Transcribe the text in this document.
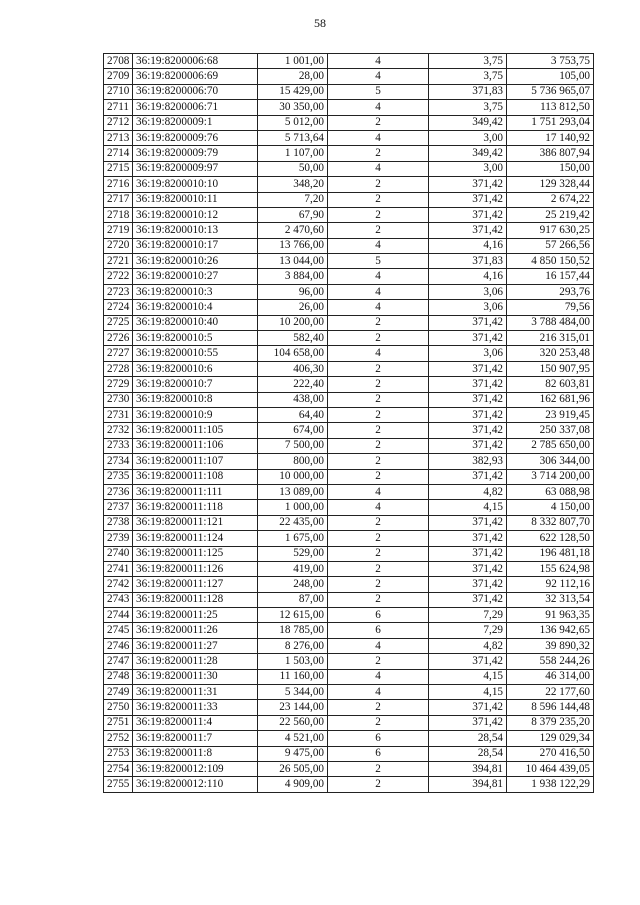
58
2708	36:19:8200006:68	1 001,00	4	3,75	3 753,75
2709	36:19:8200006:69	28,00	4	3,75	105,00
2710	36:19:8200006:70	15 429,00	5	371,83	5 736 965,07
2711	36:19:8200006:71	30 350,00	4	3,75	113 812,50
2712	36:19:8200009:1	5 012,00	2	349,42	1 751 293,04
2713	36:19:8200009:76	5 713,64	4	3,00	17 140,92
2714	36:19:8200009:79	1 107,00	2	349,42	386 807,94
2715	36:19:8200009:97	50,00	4	3,00	150,00
2716	36:19:8200010:10	348,20	2	371,42	129 328,44
2717	36:19:8200010:11	7,20	2	371,42	2 674,22
2718	36:19:8200010:12	67,90	2	371,42	25 219,42
2719	36:19:8200010:13	2 470,60	2	371,42	917 630,25
2720	36:19:8200010:17	13 766,00	4	4,16	57 266,56
2721	36:19:8200010:26	13 044,00	5	371,83	4 850 150,52
2722	36:19:8200010:27	3 884,00	4	4,16	16 157,44
2723	36:19:8200010:3	96,00	4	3,06	293,76
2724	36:19:8200010:4	26,00	4	3,06	79,56
2725	36:19:8200010:40	10 200,00	2	371,42	3 788 484,00
2726	36:19:8200010:5	582,40	2	371,42	216 315,01
2727	36:19:8200010:55	104 658,00	4	3,06	320 253,48
2728	36:19:8200010:6	406,30	2	371,42	150 907,95
2729	36:19:8200010:7	222,40	2	371,42	82 603,81
2730	36:19:8200010:8	438,00	2	371,42	162 681,96
2731	36:19:8200010:9	64,40	2	371,42	23 919,45
2732	36:19:8200011:105	674,00	2	371,42	250 337,08
2733	36:19:8200011:106	7 500,00	2	371,42	2 785 650,00
2734	36:19:8200011:107	800,00	2	382,93	306 344,00
2735	36:19:8200011:108	10 000,00	2	371,42	3 714 200,00
2736	36:19:8200011:111	13 089,00	4	4,82	63 088,98
2737	36:19:8200011:118	1 000,00	4	4,15	4 150,00
2738	36:19:8200011:121	22 435,00	2	371,42	8 332 807,70
2739	36:19:8200011:124	1 675,00	2	371,42	622 128,50
2740	36:19:8200011:125	529,00	2	371,42	196 481,18
2741	36:19:8200011:126	419,00	2	371,42	155 624,98
2742	36:19:8200011:127	248,00	2	371,42	92 112,16
2743	36:19:8200011:128	87,00	2	371,42	32 313,54
2744	36:19:8200011:25	12 615,00	6	7,29	91 963,35
2745	36:19:8200011:26	18 785,00	6	7,29	136 942,65
2746	36:19:8200011:27	8 276,00	4	4,82	39 890,32
2747	36:19:8200011:28	1 503,00	2	371,42	558 244,26
2748	36:19:8200011:30	11 160,00	4	4,15	46 314,00
2749	36:19:8200011:31	5 344,00	4	4,15	22 177,60
2750	36:19:8200011:33	23 144,00	2	371,42	8 596 144,48
2751	36:19:8200011:4	22 560,00	2	371,42	8 379 235,20
2752	36:19:8200011:7	4 521,00	6	28,54	129 029,34
2753	36:19:8200011:8	9 475,00	6	28,54	270 416,50
2754	36:19:8200012:109	26 505,00	2	394,81	10 464 439,05
2755	36:19:8200012:110	4 909,00	2	394,81	1 938 122,29
